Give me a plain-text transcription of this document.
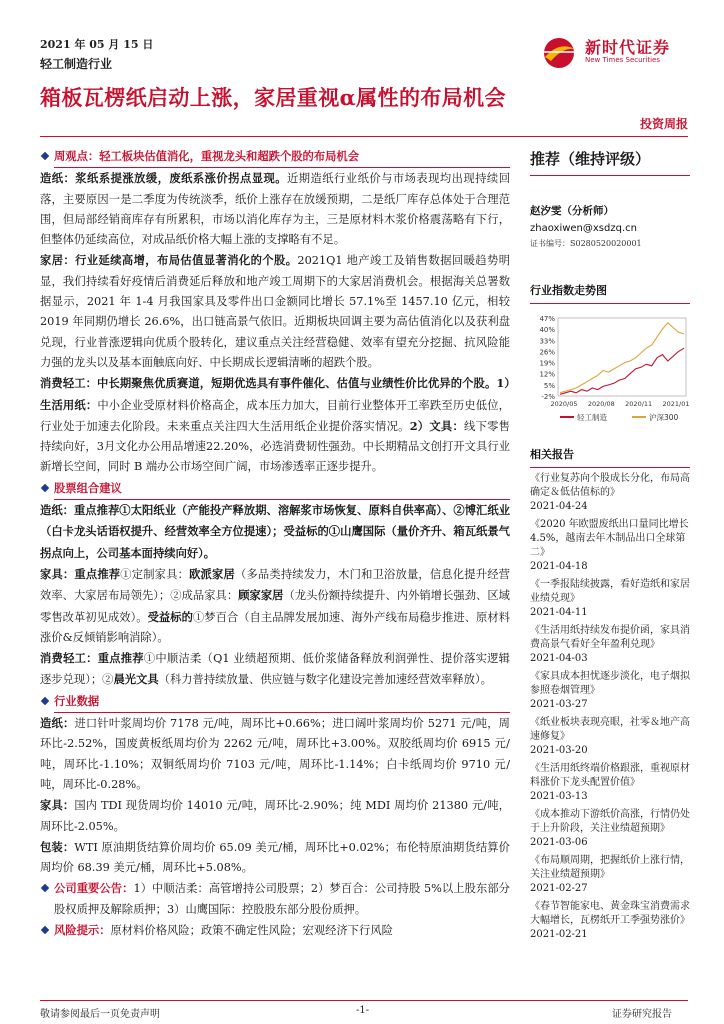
2021 年 05 月 15 日
轻工制造行业
新时代证券
New Times Securities
箱板瓦楞纸启动上涨，家居重视α属性的布局机会
投资周报
周观点：轻工板块估值消化，重视龙头和超跌个股的布局机会

造纸：浆纸系提涨放缓，废纸系涨价拐点显现。近期造纸行业纸价与市场表现均出现持续回落，主要原因一是二季度为传统淡季，纸价上涨存在放缓预期，二是纸厂库存总体处于合理范围，但局部经销商库存有所累积，市场以消化库存为主，三是原材料木浆价格震荡略有下行，但整体仍延续高位，对成品纸价格大幅上涨的支撑略有不足。

家居：行业延续高增，布局估值显著消化的个股。2021Q1 地产竣工及销售数据回暖趋势明显，我们持续看好疫情后消费延后释放和地产竣工周期下的大家居消费机会。根据海关总署数据显示，2021 年 1-4 月我国家具及零件出口金额同比增长 57.1%至 1457.10 亿元，相较 2019 年同期仍增长 26.6%，出口链高景气依旧。近期板块回调主要为高估值消化以及获利盘兑现，行业普涨逻辑向优质个股转化，建议重点关注经营稳健、效率有望充分挖掘、抗风险能力强的龙头以及基本面触底向好、中长期成长逻辑清晰的超跌个股。

消费轻工：中长期聚焦优质赛道，短期优选具有事件催化、估值与业绩性价比优异的个股。1）生活用纸：中小企业受原材料价格高企，成本压力加大，目前行业整体开工率跌至历史低位，行业处于加速去化阶段。未来重点关注四大生活用纸企业提价落实情况。2）文具：线下零售持续向好，3月文化办公用品增速22.20%，必选消费韧性强劲。中长期精品文创打开文具行业新增长空间，同时 B 端办公市场空间广阔，市场渗透率正逐步提升。

股票组合建议

造纸：重点推荐①太阳纸业（产能投产释放期、溶解浆市场恢复、原料自供率高）、②博汇纸业（白卡龙头话语权提升、经营效率全方位提速）；受益标的①山鹰国际（量价齐升、箱瓦纸景气拐点向上，公司基本面持续向好）。

家具：重点推荐①定制家具：欧派家居（多品类持续发力，木门和卫浴放量，信息化提升经营效率、大家居布局领先）；②成品家具：顾家家居（龙头份额持续提升、内外销增长强劲、区域零售改革初见成效）。受益标的①梦百合（自主品牌发展加速、海外产线布局稳步推进、原材料涨价&反倾销影响消除）。

消费轻工：重点推荐①中顺洁柔（Q1 业绩超预期、低价浆储备释放利润弹性、提价落实逻辑逐步兑现）；②晨光文具（科力普持续放量、供应链与数字化建设完善加速经营效率释放）。

行业数据

造纸：进口针叶浆周均价 7178 元/吨，周环比+0.66%；进口阔叶浆周均价 5271 元/吨，周环比-2.52%，国废黄板纸周均价为 2262 元/吨，周环比+3.00%。双胶纸周均价 6915 元/吨，周环比-1.10%；双铜纸周均价 7103 元/吨，周环比-1.14%；白卡纸周均价 9710 元/吨，周环比-0.28%。

家具：国内 TDI 现货周均价 14010 元/吨，周环比-2.90%；纯 MDI 周均价 21380 元/吨，周环比-2.05%。

包装：WTI 原油期货结算价周均价 65.09 美元/桶，周环比+0.02%；布伦特原油期货结算价周均价 68.39 美元/桶，周环比+5.08%。

公司重要公告：1）中顺洁柔：高管增持公司股票；2）梦百合：公司持股 5%以上股东部分股权质押及解除质押；3）山鹰国际：控股股东部分股份质押。

风险提示：原材料价格风险；政策不确定性风险；宏观经济下行风险

推荐（维持评级）
赵汐雯（分析师）
zhaoxiwen@xsdzq.cn
证书编号：S0280520020001
行业指数走势图
47%
40%
33%
26%
19%
12%
5%
-2%
2020/05 2020/08 2020/11 2021/01
轻工制造	沪深300
相关报告
《行业复苏向个股成长分化，布局高确定＆低估值标的》
2021-04-24
《2020 年欧盟废纸出口量同比增长 4.5%，越南去年木制品出口全球第二》
2021-04-18
《一季报陆续披露，看好造纸和家居业绩兑现》
2021-04-11
《生活用纸持续发布提价函，家具消费高景气看好全年盈利兑现》
2021-04-03
《家具成本担忧逐步淡化，电子烟拟参照卷烟管理》
2021-03-27
《纸业板块表现亮眼，社零＆地产高速修复》
2021-03-20
《生活用纸终端价格跟涨，重视原材料涨价下龙头配置价值》
2021-03-13
《成本推动下游纸价高涨，行情仍处于上升阶段，关注业绩超预期》
2021-03-06
《布局顺周期，把握纸价上涨行情，关注业绩超预期》
2021-02-27
《春节智能家电、黄金珠宝消费需求大幅增长，瓦楞纸开工季强势涨价》
2021-02-21
敬请参阅最后一页免责声明	-1-	证券研究报告
